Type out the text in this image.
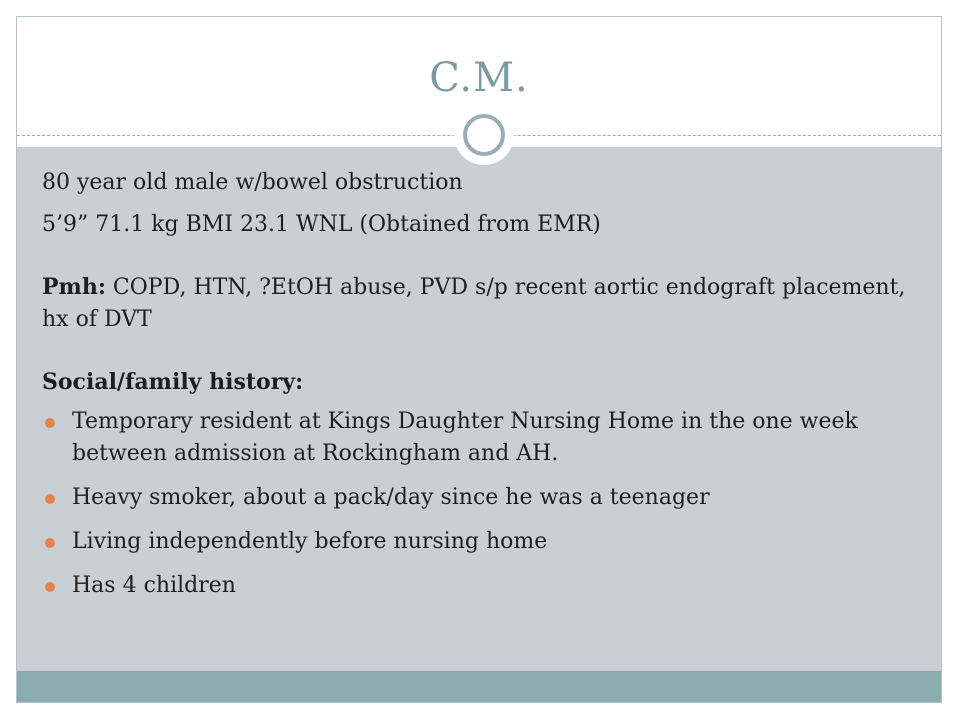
C.M.

80 year old male w/bowel obstruction

5’9” 71.1 kg BMI 23.1 WNL (Obtained from EMR)

Pmh: COPD, HTN, ?EtOH abuse, PVD s/p recent aortic endograft placement, hx of DVT

Social/family history:

Temporary resident at Kings Daughter Nursing Home in the one week between admission at Rockingham and AH.
Heavy smoker, about a pack/day since he was a teenager
Living independently before nursing home
Has 4 children
